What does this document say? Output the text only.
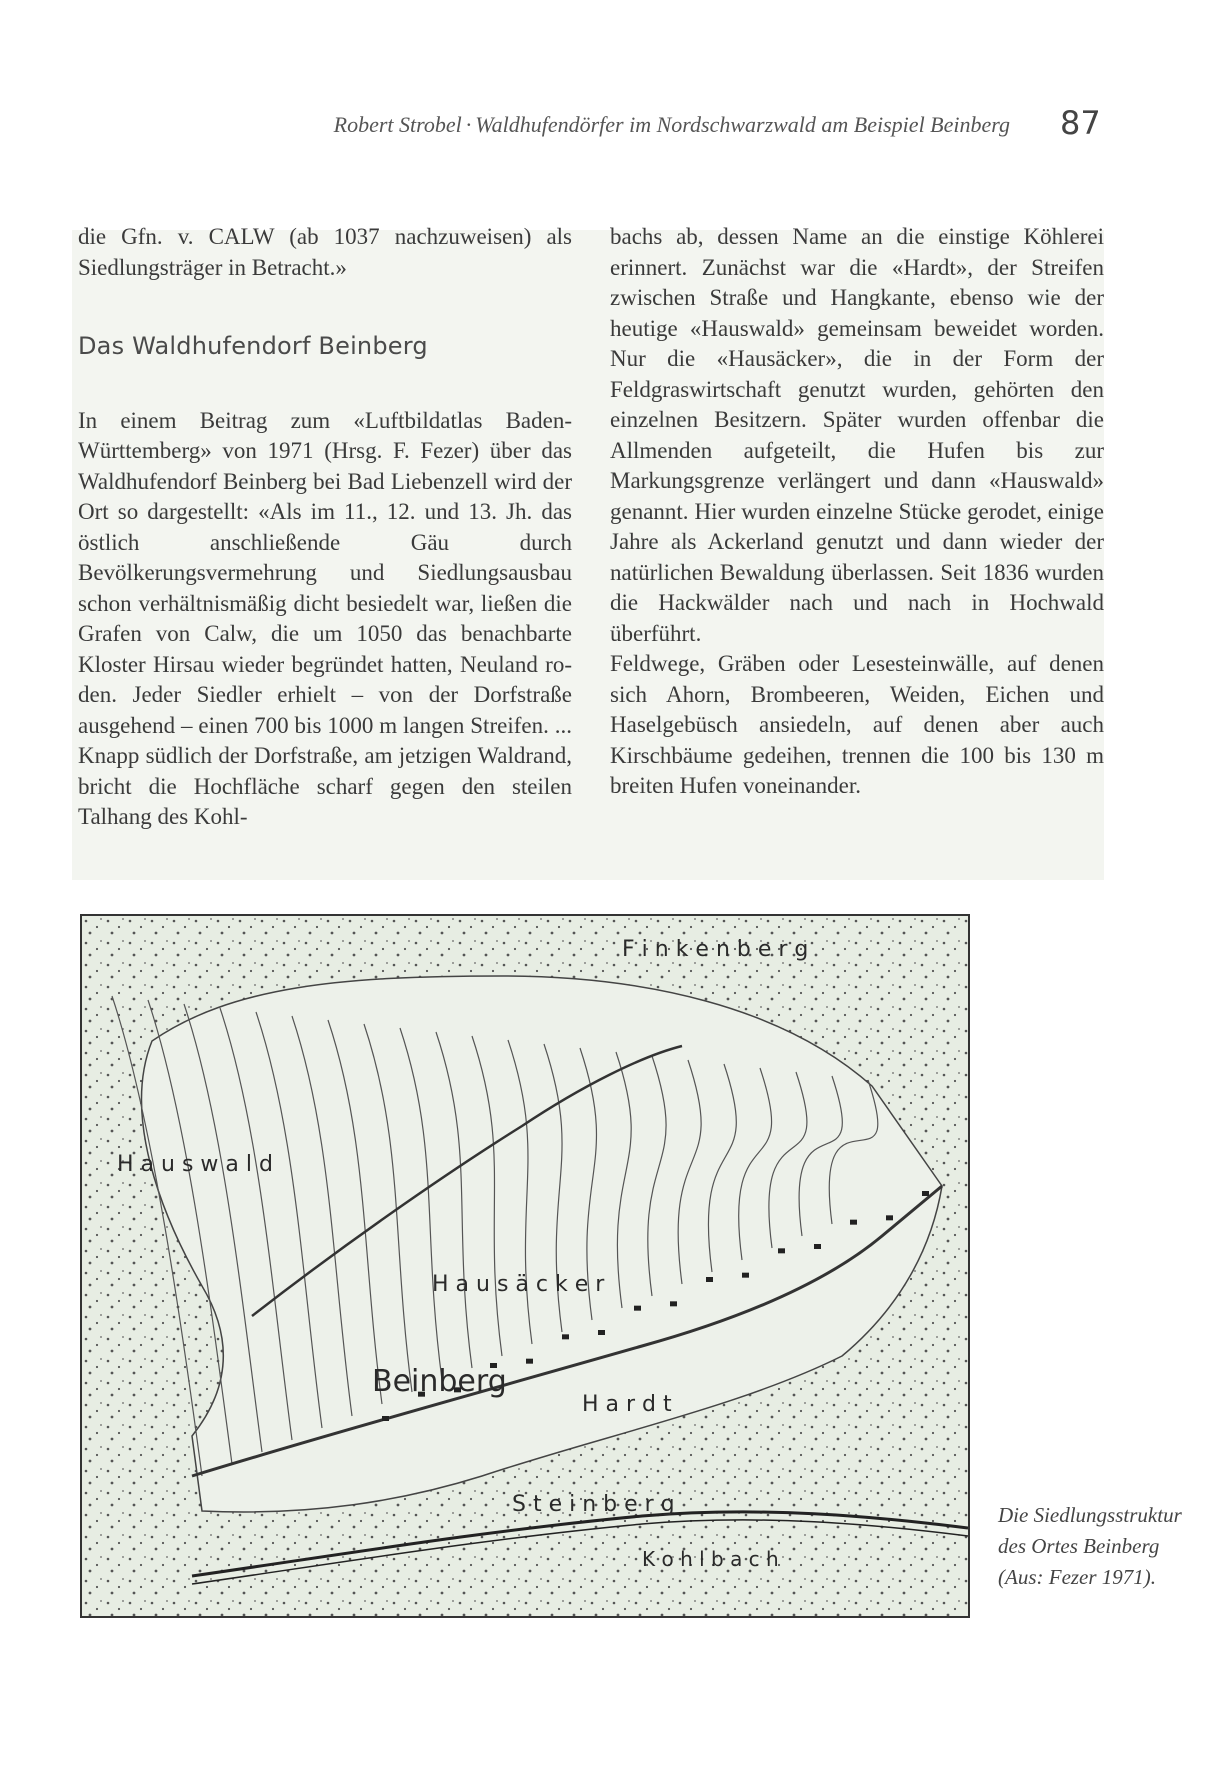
Robert Strobel · Waldhufendörfer im Nordschwarzwald am Beispiel Beinberg 87

die Gfn. v. CALW (ab 1037 nachzuweisen) als Siedlungsträger in Betracht.»

Das Waldhufendorf Beinberg

In einem Beitrag zum «Luftbildatlas Baden-Württemberg» von 1971 (Hrsg. F. Fezer) über das Waldhufendorf Beinberg bei Bad Liebenzell wird der Ort so dargestellt: «Als im 11., 12. und 13. Jh. das östlich anschließende Gäu durch Bevölkerungsvermehrung und Siedlungsausbau schon verhältnismäßig dicht besiedelt war, ließen die Grafen von Calw, die um 1050 das benachbarte Kloster Hirsau wieder begründet hatten, Neuland roden. Jeder Siedler erhielt – von der Dorfstraße ausgehend – einen 700 bis 1000 m langen Streifen. ... Knapp südlich der Dorfstraße, am jetzigen Waldrand, bricht die Hochfläche scharf gegen den steilen Talhang des Kohl-

bachs ab, dessen Name an die einstige Köhlerei erinnert. Zunächst war die «Hardt», der Streifen zwischen Straße und Hangkante, ebenso wie der heutige «Hauswald» gemeinsam beweidet worden. Nur die «Hausäcker», die in der Form der Feldgraswirtschaft genutzt wurden, gehörten den einzelnen Besitzern. Später wurden offenbar die Allmenden aufgeteilt, die Hufen bis zur Markungsgrenze verlängert und dann «Hauswald» genannt. Hier wurden einzelne Stücke gerodet, einige Jahre als Ackerland genutzt und dann wieder der natürlichen Bewaldung überlassen. Seit 1836 wurden die Hackwälder nach und nach in Hochwald überführt.

Feldwege, Gräben oder Lesesteinwälle, auf denen sich Ahorn, Brombeeren, Weiden, Eichen und Haselgebüsch ansiedeln, auf denen aber auch Kirschbäume gedeihen, trennen die 100 bis 130 m breiten Hufen voneinander.

F i n k e n b e r g
H a u s w a l d
H a u s ä c k e r
Beinberg
H a r d t
S t e i n b e r g
K o h l b a c h
Die Siedlungsstruktur des Ortes Beinberg (Aus: Fezer 1971).
